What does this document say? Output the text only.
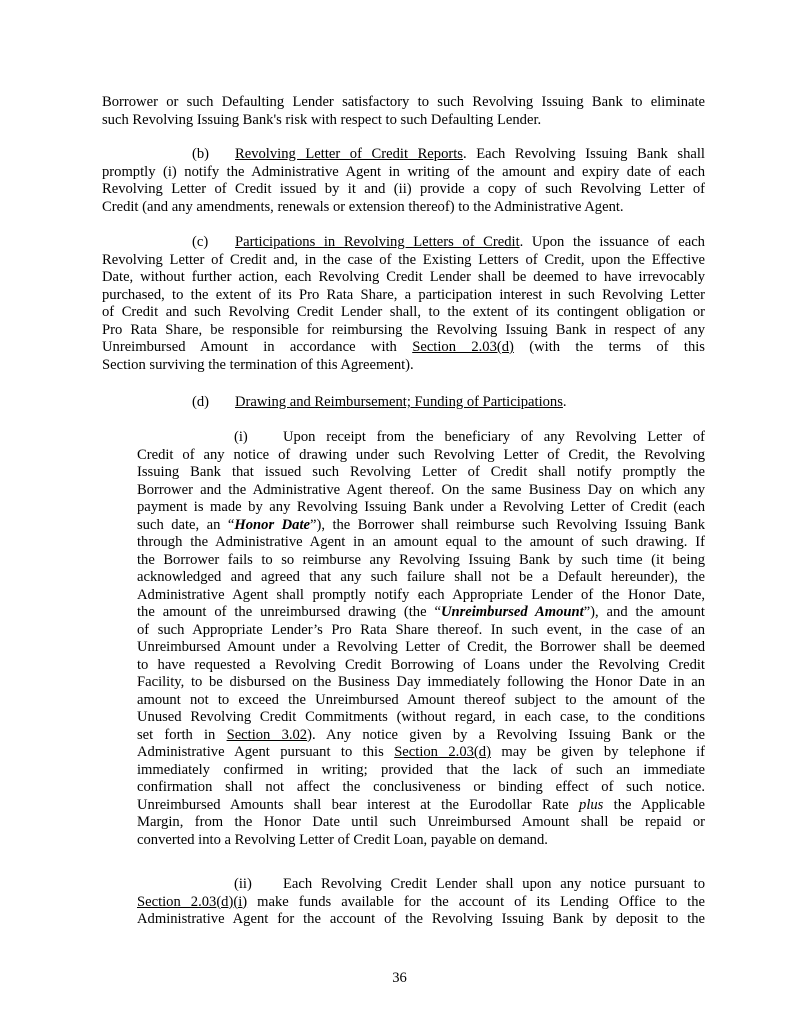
Borrower or such Defaulting Lender satisfactory to such Revolving Issuing Bank to eliminate
such Revolving Issuing Bank's risk with respect to such Defaulting Lender.
(b) Revolving Letter of Credit Reports. Each Revolving Issuing Bank shall
promptly (i) notify the Administrative Agent in writing of the amount and expiry date of each
Revolving Letter of Credit issued by it and (ii) provide a copy of such Revolving Letter of
Credit (and any amendments, renewals or extension thereof) to the Administrative Agent.
(c) Participations in Revolving Letters of Credit. Upon the issuance of each
Revolving Letter of Credit and, in the case of the Existing Letters of Credit, upon the Effective
Date, without further action, each Revolving Credit Lender shall be deemed to have irrevocably
purchased, to the extent of its Pro Rata Share, a participation interest in such Revolving Letter
of Credit and such Revolving Credit Lender shall, to the extent of its contingent obligation or
Pro Rata Share, be responsible for reimbursing the Revolving Issuing Bank in respect of any
Unreimbursed Amount in accordance with Section 2.03(d) (with the terms of this
Section surviving the termination of this Agreement).
(d) Drawing and Reimbursement; Funding of Participations.
(i) Upon receipt from the beneficiary of any Revolving Letter of
Credit of any notice of drawing under such Revolving Letter of Credit, the Revolving
Issuing Bank that issued such Revolving Letter of Credit shall notify promptly the
Borrower and the Administrative Agent thereof. On the same Business Day on which any
payment is made by any Revolving Issuing Bank under a Revolving Letter of Credit (each
such date, an “Honor Date”), the Borrower shall reimburse such Revolving Issuing Bank
through the Administrative Agent in an amount equal to the amount of such drawing. If
the Borrower fails to so reimburse any Revolving Issuing Bank by such time (it being
acknowledged and agreed that any such failure shall not be a Default hereunder), the
Administrative Agent shall promptly notify each Appropriate Lender of the Honor Date,
the amount of the unreimbursed drawing (the “Unreimbursed Amount”), and the amount
of such Appropriate Lender’s Pro Rata Share thereof. In such event, in the case of an
Unreimbursed Amount under a Revolving Letter of Credit, the Borrower shall be deemed
to have requested a Revolving Credit Borrowing of Loans under the Revolving Credit
Facility, to be disbursed on the Business Day immediately following the Honor Date in an
amount not to exceed the Unreimbursed Amount thereof subject to the amount of the
Unused Revolving Credit Commitments (without regard, in each case, to the conditions
set forth in Section 3.02). Any notice given by a Revolving Issuing Bank or the
Administrative Agent pursuant to this Section 2.03(d) may be given by telephone if
immediately confirmed in writing; provided that the lack of such an immediate
confirmation shall not affect the conclusiveness or binding effect of such notice.
Unreimbursed Amounts shall bear interest at the Eurodollar Rate plus the Applicable
Margin, from the Honor Date until such Unreimbursed Amount shall be repaid or
converted into a Revolving Letter of Credit Loan, payable on demand.
(ii) Each Revolving Credit Lender shall upon any notice pursuant to
Section 2.03(d)(i) make funds available for the account of its Lending Office to the
Administrative Agent for the account of the Revolving Issuing Bank by deposit to the
36
